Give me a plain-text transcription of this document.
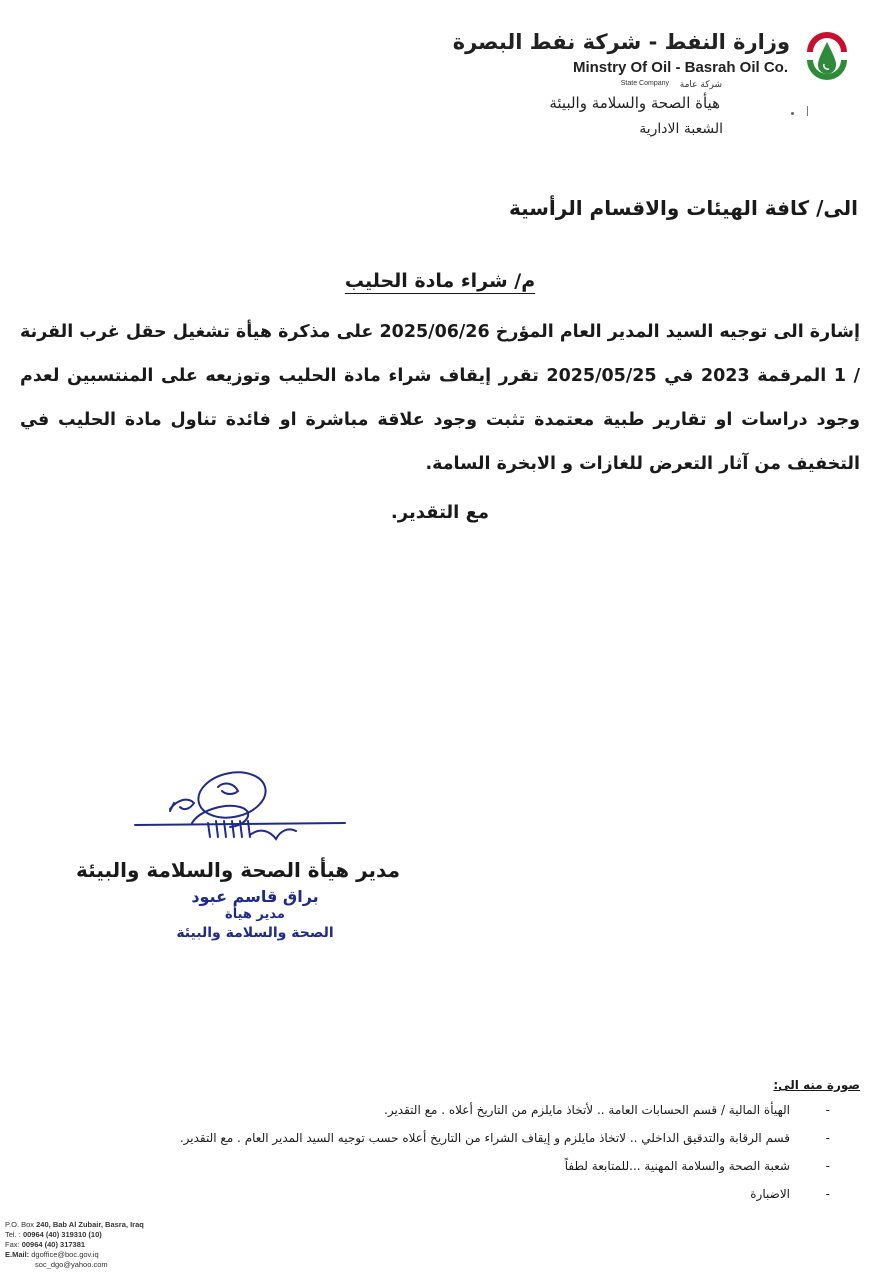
وزارة النفط - شركة نفط البصرة
Minstry Of Oil - Basrah Oil Co.
State Company شركة عامة
هيأة الصحة والسلامة والبيئة
الشعبة الادارية
الى/ كافة الهيئات والاقسام الرأسية
م/ شراء مادة الحليب
إشارة الى توجيه السيد المدير العام المؤرخ 2025/06/26 على مذكرة هيأة تشغيل حقل غرب القرنة / 1 المرقمة 2023 في 2025/05/25 تقرر إيقاف شراء مادة الحليب وتوزيعه على المنتسبين لعدم وجود دراسات او تقارير طبية معتمدة تثبت وجود علاقة مباشرة او فائدة تناول مادة الحليب في التخفيف من آثار التعرض للغازات و الابخرة السامة.
مع التقدير.
مدير هيأة الصحة والسلامة والبيئة
براق قاسم عبود
مدير هيأة
الصحة والسلامة والبيئة
صورة منه الى:
-
الهيأة المالية / قسم الحسابات العامة .. لأتخاذ مايلزم من التاريخ أعلاه . مع التقدير.
-
قسم الرقابة والتدقيق الداخلي .. لاتخاذ مايلزم و إيقاف الشراء من التاريخ أعلاه حسب توجيه السيد المدير العام . مع التقدير.
-
شعبة الصحة والسلامة المهنية ...للمتابعة لطفاً
-
الاضبارة
P.O. Box 240, Bab Al Zubair, Basra, Iraq
Tel. : 00964 (40) 319310 (10)
Fax: 00964 (40) 317381
E.Mail: dgoffice@boc.gov.iq
soc_dgo@yahoo.com
